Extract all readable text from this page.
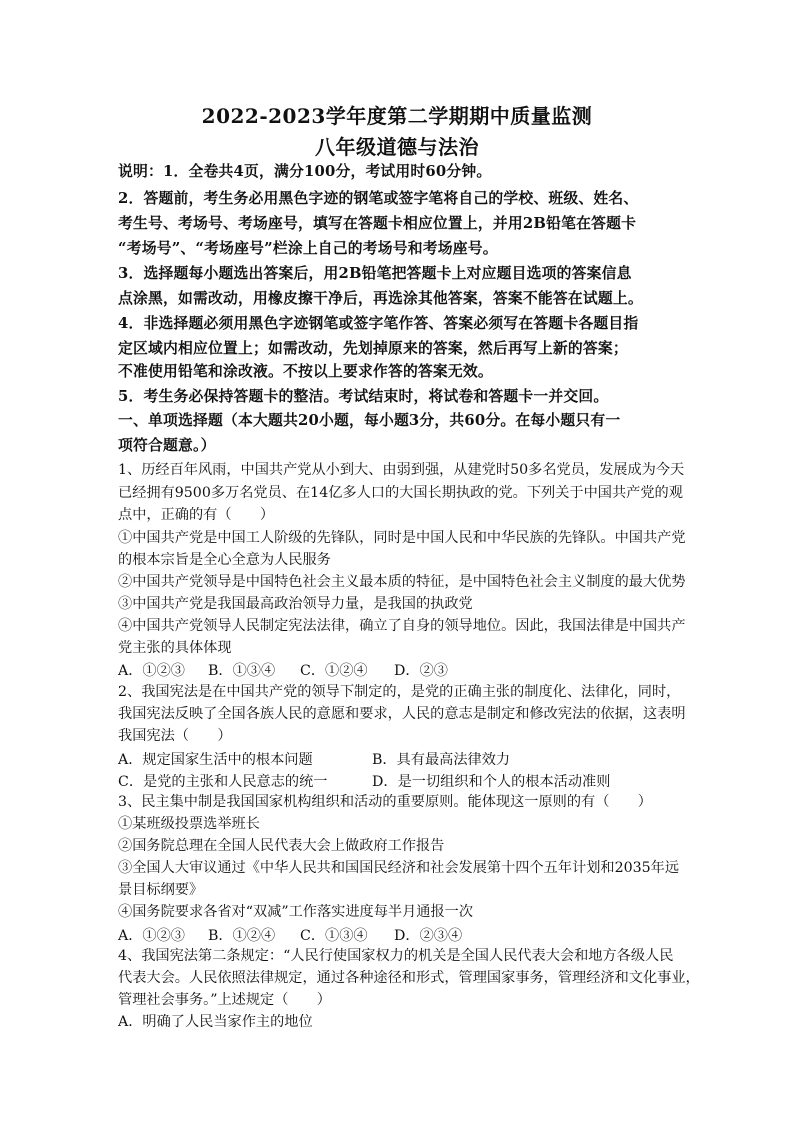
2022-2023学年度第二学期期中质量监测
八年级道德与法治
说明：1．全卷共4页，满分100分，考试用时60分钟。
2．答题前，考生务必用黑色字迹的钢笔或签字笔将自己的学校、班级、姓名、
考生号、考场号、考场座号，填写在答题卡相应位置上，并用2B铅笔在答题卡
“考场号”、“考场座号”栏涂上自己的考场号和考场座号。
3．选择题每小题选出答案后，用2B铅笔把答题卡上对应题目选项的答案信息
点涂黑，如需改动，用橡皮擦干净后，再选涂其他答案，答案不能答在试题上。
4．非选择题必须用黑色字迹钢笔或签字笔作答、答案必须写在答题卡各题目指
定区域内相应位置上；如需改动，先划掉原来的答案，然后再写上新的答案；
不准使用铅笔和涂改液。不按以上要求作答的答案无效。
5．考生务必保持答题卡的整洁。考试结束时，将试卷和答题卡一并交回。
一、单项选择题（本大题共20小题，每小题3分，共60分。在每小题只有一
项符合题意。）
1、历经百年风雨，中国共产党从小到大、由弱到强，从建党时50多名党员，发展成为今天
已经拥有9500多万名党员、在14亿多人口的大国长期执政的党。下列关于中国共产党的观
点中，正确的有（　　）
①中国共产党是中国工人阶级的先锋队，同时是中国人民和中华民族的先锋队。中国共产党
的根本宗旨是全心全意为人民服务
②中国共产党领导是中国特色社会主义最本质的特征，是中国特色社会主义制度的最大优势
③中国共产党是我国最高政治领导力量，是我国的执政党
④中国共产党领导人民制定宪法法律，确立了自身的领导地位。因此，我国法律是中国共产
党主张的具体体现
A．①②③ B．①③④ C．①②④ D．②③
2、我国宪法是在中国共产党的领导下制定的，是党的正确主张的制度化、法律化，同时，
我国宪法反映了全国各族人民的意愿和要求，人民的意志是制定和修改宪法的依据，这表明
我国宪法（　　）
A．规定国家生活中的根本问题	B．具有最高法律效力
C．是党的主张和人民意志的统一	D．是一切组织和个人的根本活动准则
3、民主集中制是我国国家机构组织和活动的重要原则。能体现这一原则的有（　　）
①某班级投票选举班长
②国务院总理在全国人民代表大会上做政府工作报告
③全国人大审议通过《中华人民共和国国民经济和社会发展第十四个五年计划和2035年远
景目标纲要》
④国务院要求各省对“双减”工作落实进度每半月通报一次
A．①②③ B．①②④ C．①③④ D．②③④
4、我国宪法第二条规定：“人民行使国家权力的机关是全国人民代表大会和地方各级人民
代表大会。人民依照法律规定，通过各种途径和形式，管理国家事务，管理经济和文化事业，
管理社会事务。”上述规定（　　）
A．明确了人民当家作主的地位
